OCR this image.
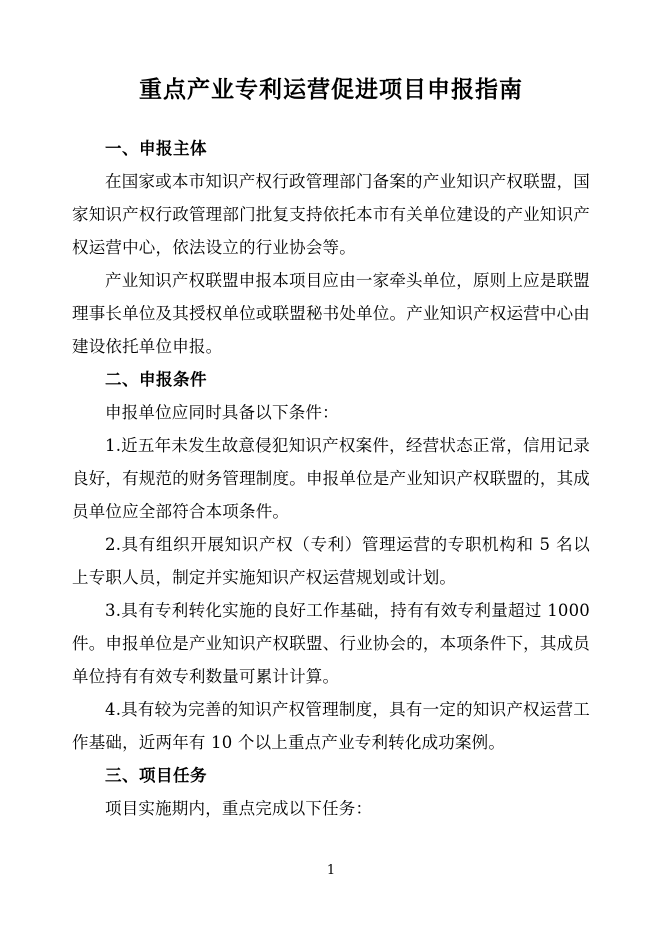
重点产业专利运营促进项目申报指南

一、申报主体

在国家或本市知识产权行政管理部门备案的产业知识产权联盟，国家知识产权行政管理部门批复支持依托本市有关单位建设的产业知识产权运营中心，依法设立的行业协会等。

产业知识产权联盟申报本项目应由一家牵头单位，原则上应是联盟理事长单位及其授权单位或联盟秘书处单位。产业知识产权运营中心由建设依托单位申报。

二、申报条件

申报单位应同时具备以下条件：

1.近五年未发生故意侵犯知识产权案件，经营状态正常，信用记录良好，有规范的财务管理制度。申报单位是产业知识产权联盟的，其成员单位应全部符合本项条件。

2.具有组织开展知识产权（专利）管理运营的专职机构和 5 名以上专职人员，制定并实施知识产权运营规划或计划。

3.具有专利转化实施的良好工作基础，持有有效专利量超过 1000 件。申报单位是产业知识产权联盟、行业协会的，本项条件下，其成员单位持有有效专利数量可累计计算。

4.具有较为完善的知识产权管理制度，具有一定的知识产权运营工作基础，近两年有 10 个以上重点产业专利转化成功案例。

三、项目任务

项目实施期内，重点完成以下任务：

1
